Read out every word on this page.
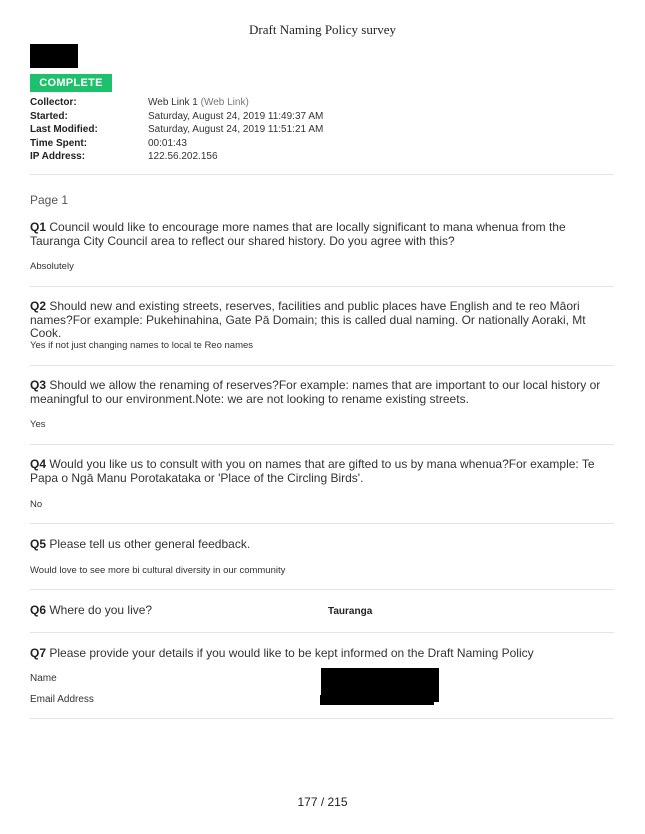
Draft Naming Policy survey
COMPLETE
Collector:	Web Link 1 (Web Link)
Started:	Saturday, August 24, 2019 11:49:37 AM
Last Modified:	Saturday, August 24, 2019 11:51:21 AM
Time Spent:	00:01:43
IP Address:	122.56.202.156
Page 1
Q1 Council would like to encourage more names that are locally significant to mana whenua from the Tauranga City Council area to reflect our shared history. Do you agree with this?
Absolutely
Q2 Should new and existing streets, reserves, facilities and public places have English and te reo Māori names?For example: Pukehinahina, Gate Pā Domain; this is called dual naming. Or nationally Aoraki, Mt Cook.
Yes if not just changing names to local te Reo names
Q3 Should we allow the renaming of reserves?For example: names that are important to our local history or meaningful to our environment.Note: we are not looking to rename existing streets.
Yes
Q4 Would you like us to consult with you on names that are gifted to us by mana whenua?For example: Te Papa o Ngā Manu Porotakataka or 'Place of the Circling Birds'.
No
Q5 Please tell us other general feedback.
Would love to see more bi cultural diversity in our community
Q6 Where do you live?	Tauranga
Q7 Please provide your details if you would like to be kept informed on the Draft Naming Policy
Name
Email Address
177 / 215
